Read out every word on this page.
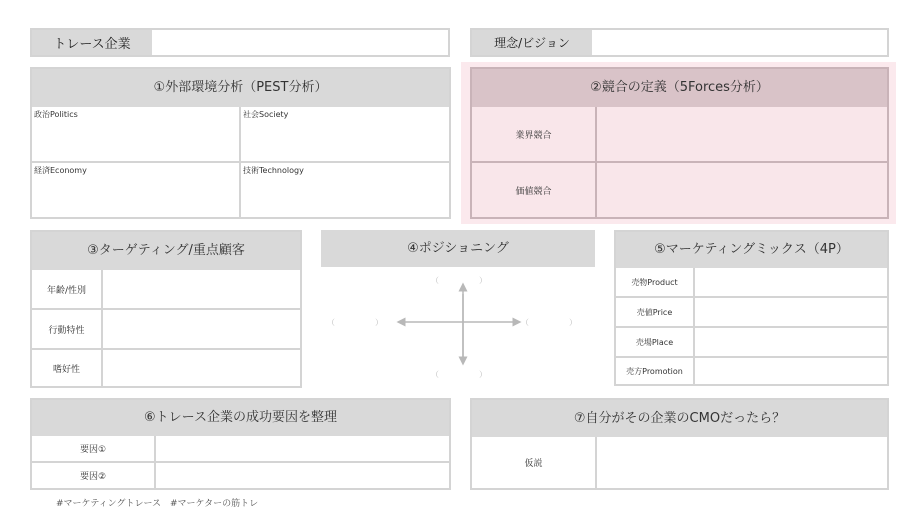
トレース企業	理念/ビジョン
①外部環境分析（PEST分析）
政治Politics	社会Society
経済Economy	技術Technology
②競合の定義（5Forces分析）
業界競合
価値競合
③ターゲティング/重点顧客
年齢/性別
行動特性
嗜好性
④ポジショニング
（　　　　　）
（　　　　　）
（　　　　　）	（　　　　　）
⑤マーケティングミックス（4P）
売物Product
売値Price
売場Place
売方Promotion
⑥トレース企業の成功要因を整理
要因①
要因②
⑦自分がその企業のCMOだったら？
仮説
#マーケティングトレース　#マーケターの筋トレ
